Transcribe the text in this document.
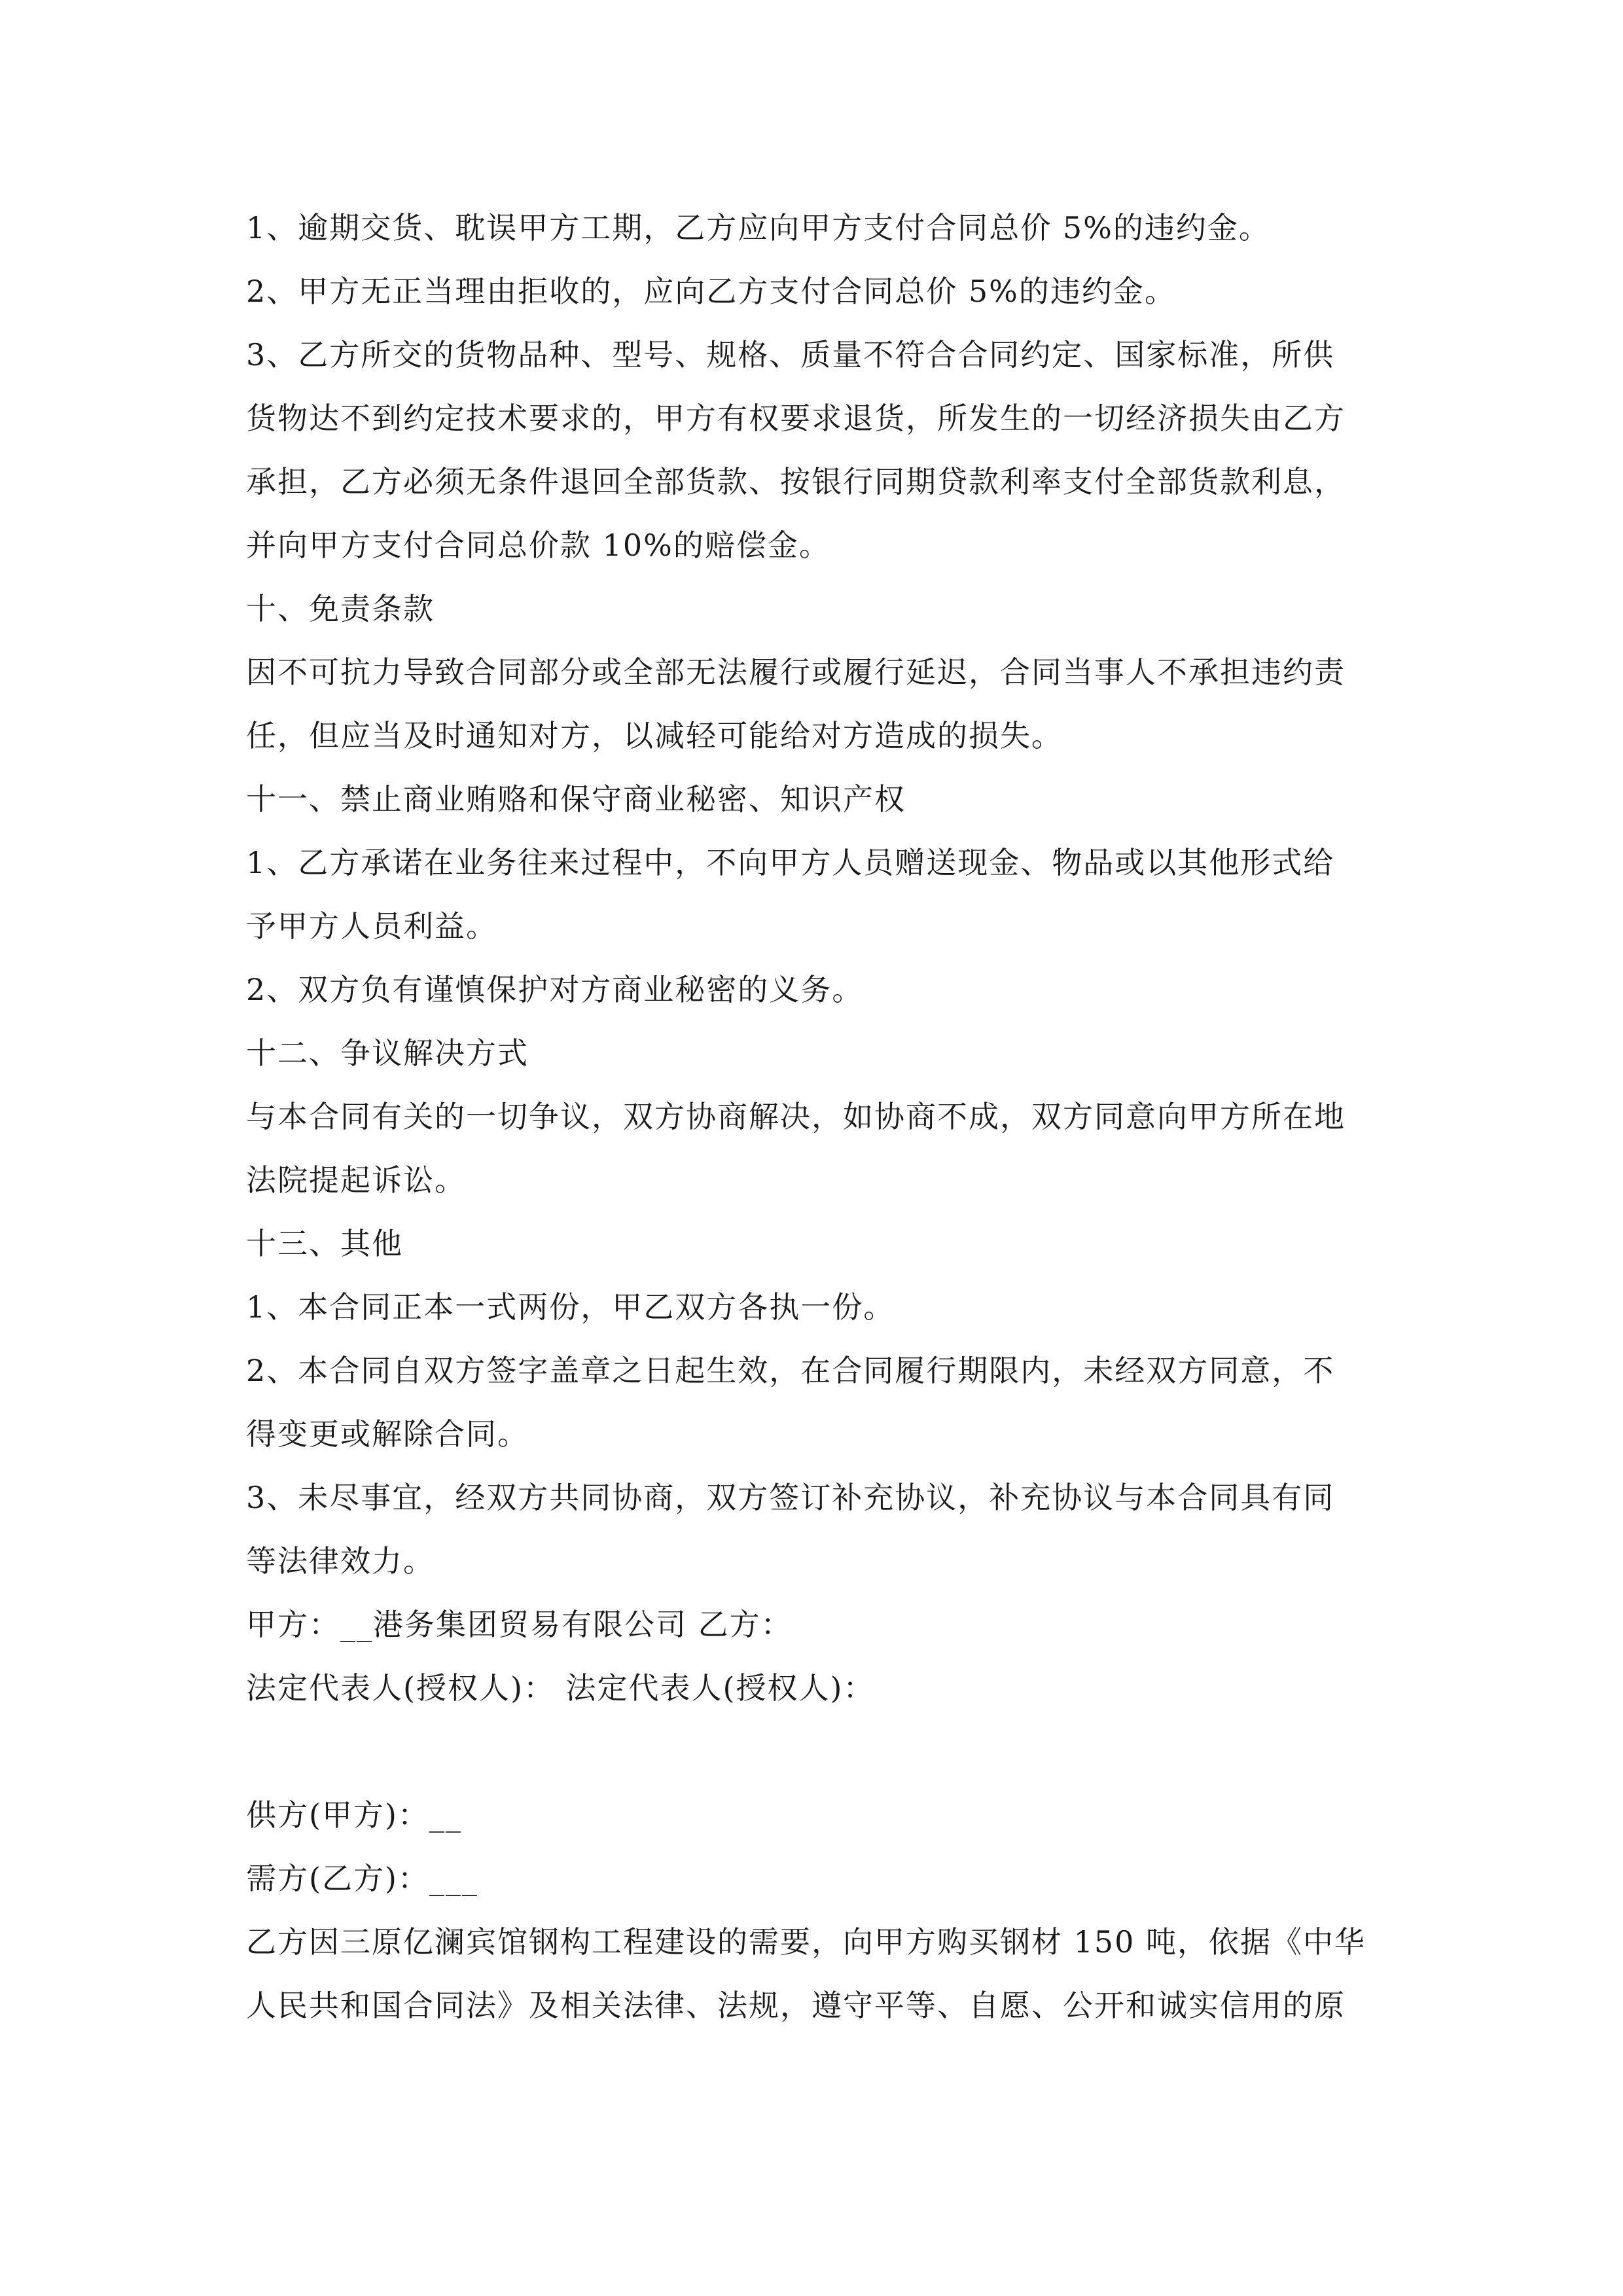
1、逾期交货、耽误甲方工期，乙方应向甲方支付合同总价 5%的违约金。
2、甲方无正当理由拒收的，应向乙方支付合同总价 5%的违约金。
3、乙方所交的货物品种、型号、规格、质量不符合合同约定、国家标准，所供
货物达不到约定技术要求的，甲方有权要求退货，所发生的一切经济损失由乙方
承担，乙方必须无条件退回全部货款、按银行同期贷款利率支付全部货款利息，
并向甲方支付合同总价款 10%的赔偿金。
十、免责条款
因不可抗力导致合同部分或全部无法履行或履行延迟，合同当事人不承担违约责
任，但应当及时通知对方，以减轻可能给对方造成的损失。
十一、禁止商业贿赂和保守商业秘密、知识产权
1、乙方承诺在业务往来过程中，不向甲方人员赠送现金、物品或以其他形式给
予甲方人员利益。
2、双方负有谨慎保护对方商业秘密的义务。
十二、争议解决方式
与本合同有关的一切争议，双方协商解决，如协商不成，双方同意向甲方所在地
法院提起诉讼。
十三、其他
1、本合同正本一式两份，甲乙双方各执一份。
2、本合同自双方签字盖章之日起生效，在合同履行期限内，未经双方同意，不
得变更或解除合同。
3、未尽事宜，经双方共同协商，双方签订补充协议，补充协议与本合同具有同
等法律效力。
甲方：__港务集团贸易有限公司 乙方：
法定代表人(授权人)： 法定代表人(授权人)：
供方(甲方)：__
需方(乙方)：___
乙方因三原亿澜宾馆钢构工程建设的需要，向甲方购买钢材 150 吨，依据《中华
人民共和国合同法》及相关法律、法规，遵守平等、自愿、公开和诚实信用的原
